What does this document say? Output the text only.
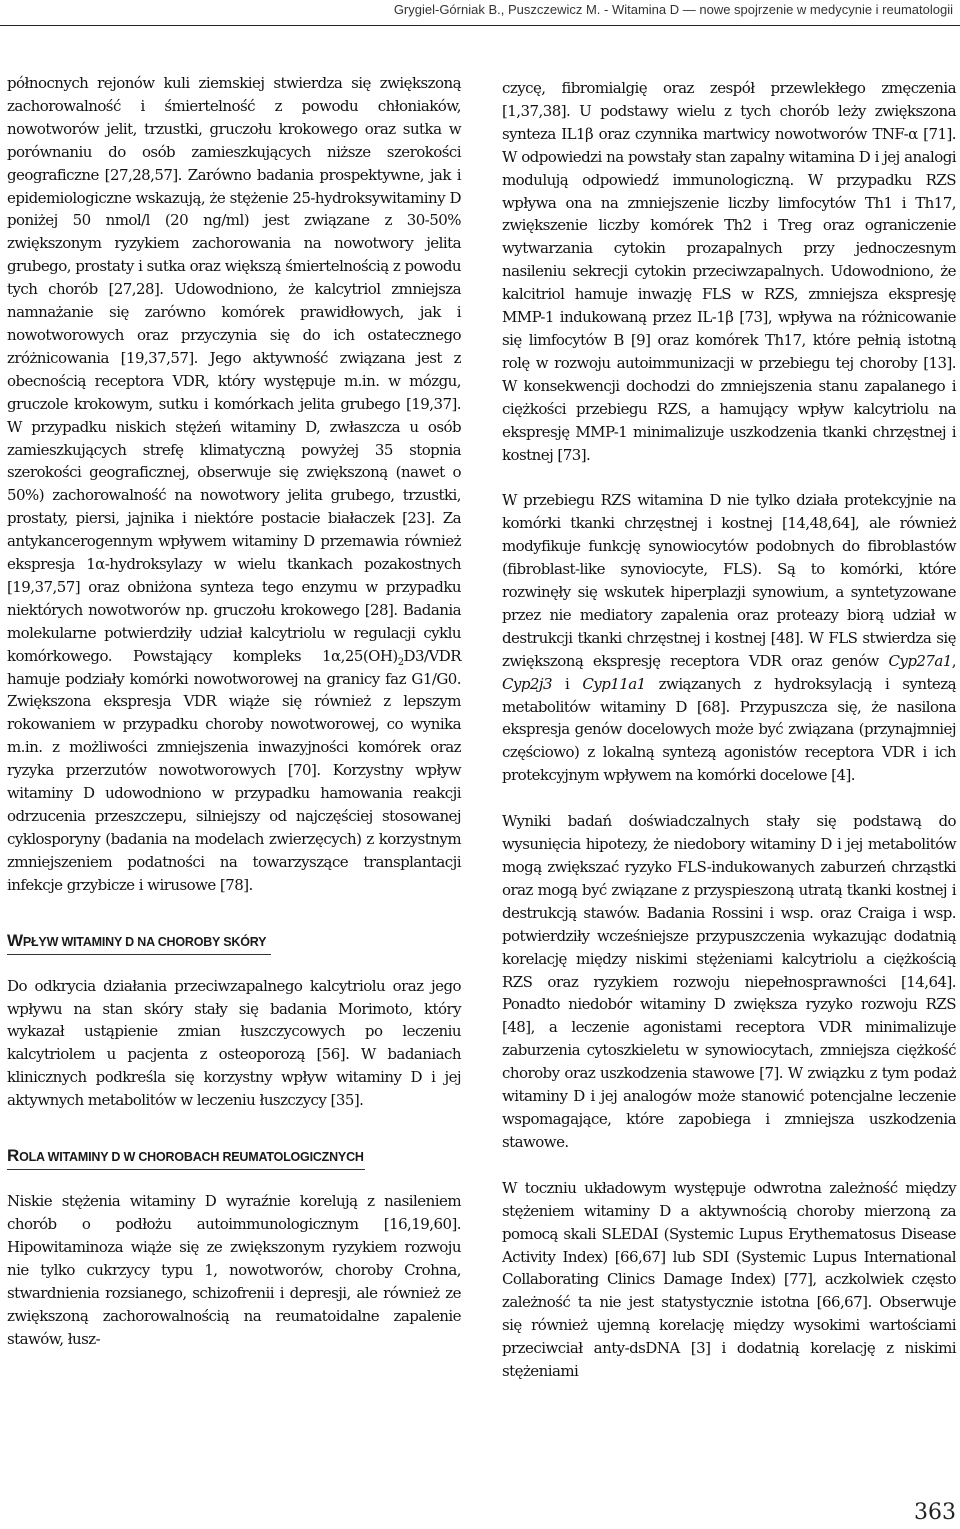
Grygiel-Górniak B., Puszczewicz M. - Witamina D — nowe spojrzenie w medycynie i reumatologii

północnych rejonów kuli ziemskiej stwierdza się zwiększoną zachorowalność i śmiertelność z powodu chłoniaków, nowotworów jelit, trzustki, gruczołu krokowego oraz sutka w porównaniu do osób zamieszkujących niższe szerokości geograficzne [27,28,57]. Zarówno badania prospektywne, jak i epidemiologiczne wskazują, że stężenie 25-hydroksywitaminy D poniżej 50 nmol/l (20 ng/ml) jest związane z 30-50% zwiększonym ryzykiem zachorowania na nowotwory jelita grubego, prostaty i sutka oraz większą śmiertelnością z powodu tych chorób [27,28]. Udowodniono, że kalcytriol zmniejsza namnażanie się zarówno komórek prawidłowych, jak i nowotworowych oraz przyczynia się do ich ostatecznego zróżnicowania [19,37,57]. Jego aktywność związana jest z obecnością receptora VDR, który występuje m.in. w mózgu, gruczole krokowym, sutku i komórkach jelita grubego [19,37]. W przypadku niskich stężeń witaminy D, zwłaszcza u osób zamieszkujących strefę klimatyczną powyżej 35 stopnia szerokości geograficznej, obserwuje się zwiększoną (nawet o 50%) zachorowalność na nowotwory jelita grubego, trzustki, prostaty, piersi, jajnika i niektóre postacie białaczek [23]. Za antykancerogennym wpływem witaminy D przemawia również ekspresja 1α-hydroksylazy w wielu tkankach pozakostnych [19,37,57] oraz obniżona synteza tego enzymu w przypadku niektórych nowotworów np. gruczołu krokowego [28]. Badania molekularne potwierdziły udział kalcytriolu w regulacji cyklu komórkowego. Powstający kompleks $1\alpha,25(OH)_2D3$/VDR hamuje podziały komórki nowotworowej na granicy faz G1/G0. Zwiększona ekspresja VDR wiąże się również z lepszym rokowaniem w przypadku choroby nowotworowej, co wynika m.in. z możliwości zmniejszenia inwazyjności komórek oraz ryzyka przerzutów nowotworowych [70]. Korzystny wpływ witaminy D udowodniono w przypadku hamowania reakcji odrzucenia przeszczepu, silniejszy od najczęściej stosowanej cyklosporyny (badania na modelach zwierzęcych) z korzystnym zmniejszeniem podatności na towarzyszące transplantacji infekcje grzybicze i wirusowe [78].

WPŁYW WITAMINY D NA CHOROBY SKÓRY

Do odkrycia działania przeciwzapalnego kalcytriolu oraz jego wpływu na stan skóry stały się badania Morimoto, który wykazał ustąpienie zmian łuszczycowych po leczeniu kalcytriolem u pacjenta z osteoporozą [56]. W badaniach klinicznych podkreśla się korzystny wpływ witaminy D i jej aktywnych metabolitów w leczeniu łuszczycy [35].

ROLA WITAMINY D W CHOROBACH REUMATOLOGICZNYCH

Niskie stężenia witaminy D wyraźnie korelują z nasileniem chorób o podłożu autoimmunologicznym [16,19,60]. Hipowitaminoza wiąże się ze zwiększonym ryzykiem rozwoju nie tylko cukrzycy typu 1, nowotworów, choroby Crohna, stwardnienia rozsianego, schizofrenii i depresji, ale również ze zwiększoną zachorowalnością na reumatoidalne zapalenie stawów, łusz-

czycę, fibromialgię oraz zespół przewlekłego zmęczenia [1,37,38]. U podstawy wielu z tych chorób leży zwiększona synteza IL1β oraz czynnika martwicy nowotworów TNF-α [71]. W odpowiedzi na powstały stan zapalny witamina D i jej analogi modulują odpowiedź immunologiczną. W przypadku RZS wpływa ona na zmniejszenie liczby limfocytów Th1 i Th17, zwiększenie liczby komórek Th2 i Treg oraz ograniczenie wytwarzania cytokin prozapalnych przy jednoczesnym nasileniu sekrecji cytokin przeciwzapalnych. Udowodniono, że kalcitriol hamuje inwazję FLS w RZS, zmniejsza ekspresję MMP-1 indukowaną przez IL-1β [73], wpływa na różnicowanie się limfocytów B [9] oraz komórek Th17, które pełnią istotną rolę w rozwoju autoimmunizacji w przebiegu tej choroby [13]. W konsekwencji dochodzi do zmniejszenia stanu zapalanego i ciężkości przebiegu RZS, a hamujący wpływ kalcytriolu na ekspresję MMP-1 minimalizuje uszkodzenia tkanki chrzęstnej i kostnej [73].

W przebiegu RZS witamina D nie tylko działa protekcyjnie na komórki tkanki chrzęstnej i kostnej [14,48,64], ale również modyfikuje funkcję synowiocytów podobnych do fibroblastów (fibroblast-like synoviocyte, FLS). Są to komórki, które rozwinęły się wskutek hiperplazji synowium, a syntetyzowane przez nie mediatory zapalenia oraz proteazy biorą udział w destrukcji tkanki chrzęstnej i kostnej [48]. W FLS stwierdza się zwiększoną ekspresję receptora VDR oraz genów Cyp27a1, Cyp2j3 i Cyp11a1 związanych z hydroksylacją i syntezą metabolitów witaminy D [68]. Przypuszcza się, że nasilona ekspresja genów docelowych może być związana (przynajmniej częściowo) z lokalną syntezą agonistów receptora VDR i ich protekcyjnym wpływem na komórki docelowe [4].

Wyniki badań doświadczalnych stały się podstawą do wysunięcia hipotezy, że niedobory witaminy D i jej metabolitów mogą zwiększać ryzyko FLS-indukowanych zaburzeń chrząstki oraz mogą być związane z przyspieszoną utratą tkanki kostnej i destrukcją stawów. Badania Rossini i wsp. oraz Craiga i wsp. potwierdziły wcześniejsze przypuszczenia wykazując dodatnią korelację między niskimi stężeniami kalcytriolu a ciężkością RZS oraz ryzykiem rozwoju niepełnosprawności [14,64]. Ponadto niedobór witaminy D zwiększa ryzyko rozwoju RZS [48], a leczenie agonistami receptora VDR minimalizuje zaburzenia cytoszkieletu w synowiocytach, zmniejsza ciężkość choroby oraz uszkodzenia stawowe [7]. W związku z tym podaż witaminy D i jej analogów może stanowić potencjalne leczenie wspomagające, które zapobiega i zmniejsza uszkodzenia stawowe.

W toczniu układowym występuje odwrotna zależność między stężeniem witaminy D a aktywnością choroby mierzoną za pomocą skali SLEDAI (Systemic Lupus Erythematosus Disease Activity Index) [66,67] lub SDI (Systemic Lupus International Collaborating Clinics Damage Index) [77], aczkolwiek często zależność ta nie jest statystycznie istotna [66,67]. Obserwuje się również ujemną korelację między wysokimi wartościami przeciwciał anty-dsDNA [3] i dodatnią korelację z niskimi stężeniami

363
